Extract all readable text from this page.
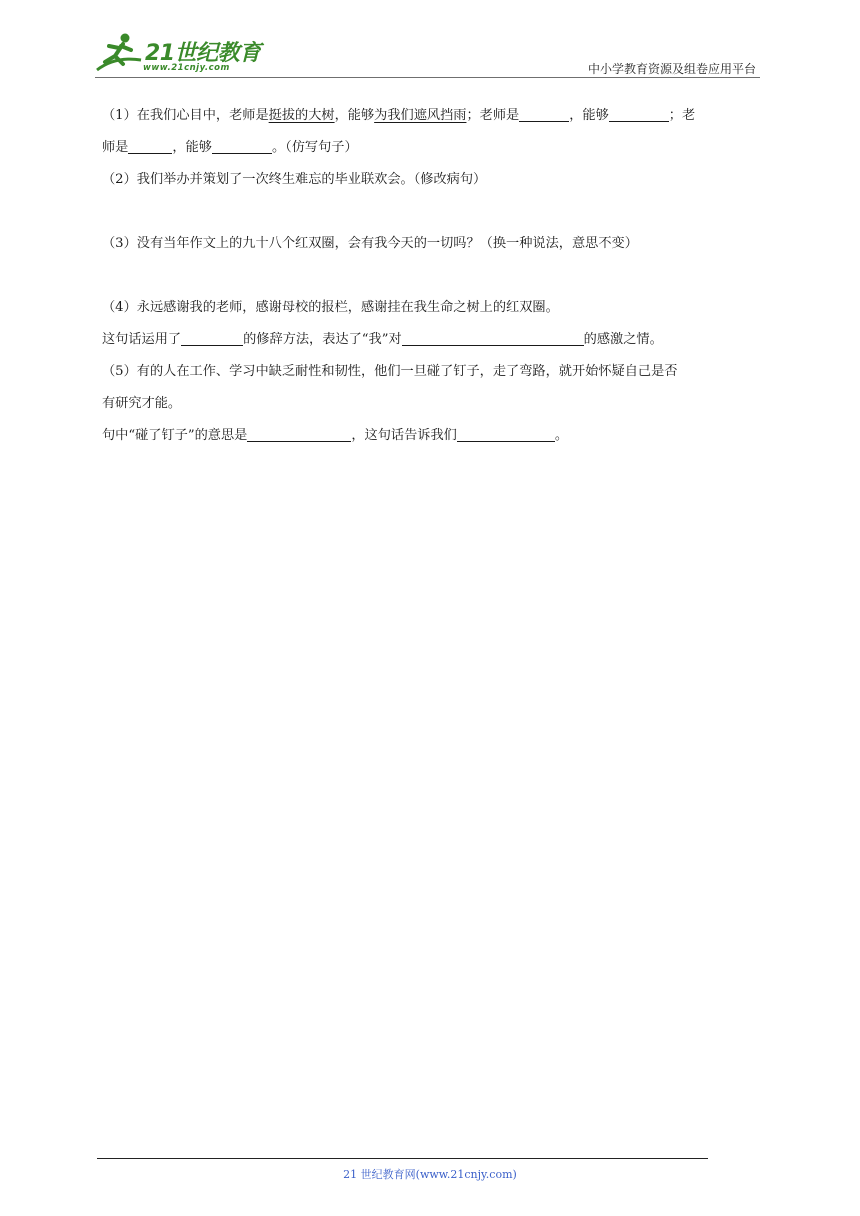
21世纪教育
www.21cnjy.com	中小学教育资源及组卷应用平台
（1）在我们心目中，老师是挺拔的大树，能够为我们遮风挡雨；老师是	，能够	；老
师是	，能够	。（仿写句子）
（2）我们举办并策划了一次终生难忘的毕业联欢会。（修改病句）
（3）没有当年作文上的九十八个红双圈，会有我今天的一切吗？（换一种说法，意思不变）
（4）永远感谢我的老师，感谢母校的报栏，感谢挂在我生命之树上的红双圈。
这句话运用了	的修辞方法，表达了“我”对	的感激之情。
（5）有的人在工作、学习中缺乏耐性和韧性，他们一旦碰了钉子，走了弯路，就开始怀疑自己是否
有研究才能。
句中“碰了钉子”的意思是	，这句话告诉我们	。
21 世纪教育网(www.21cnjy.com)
